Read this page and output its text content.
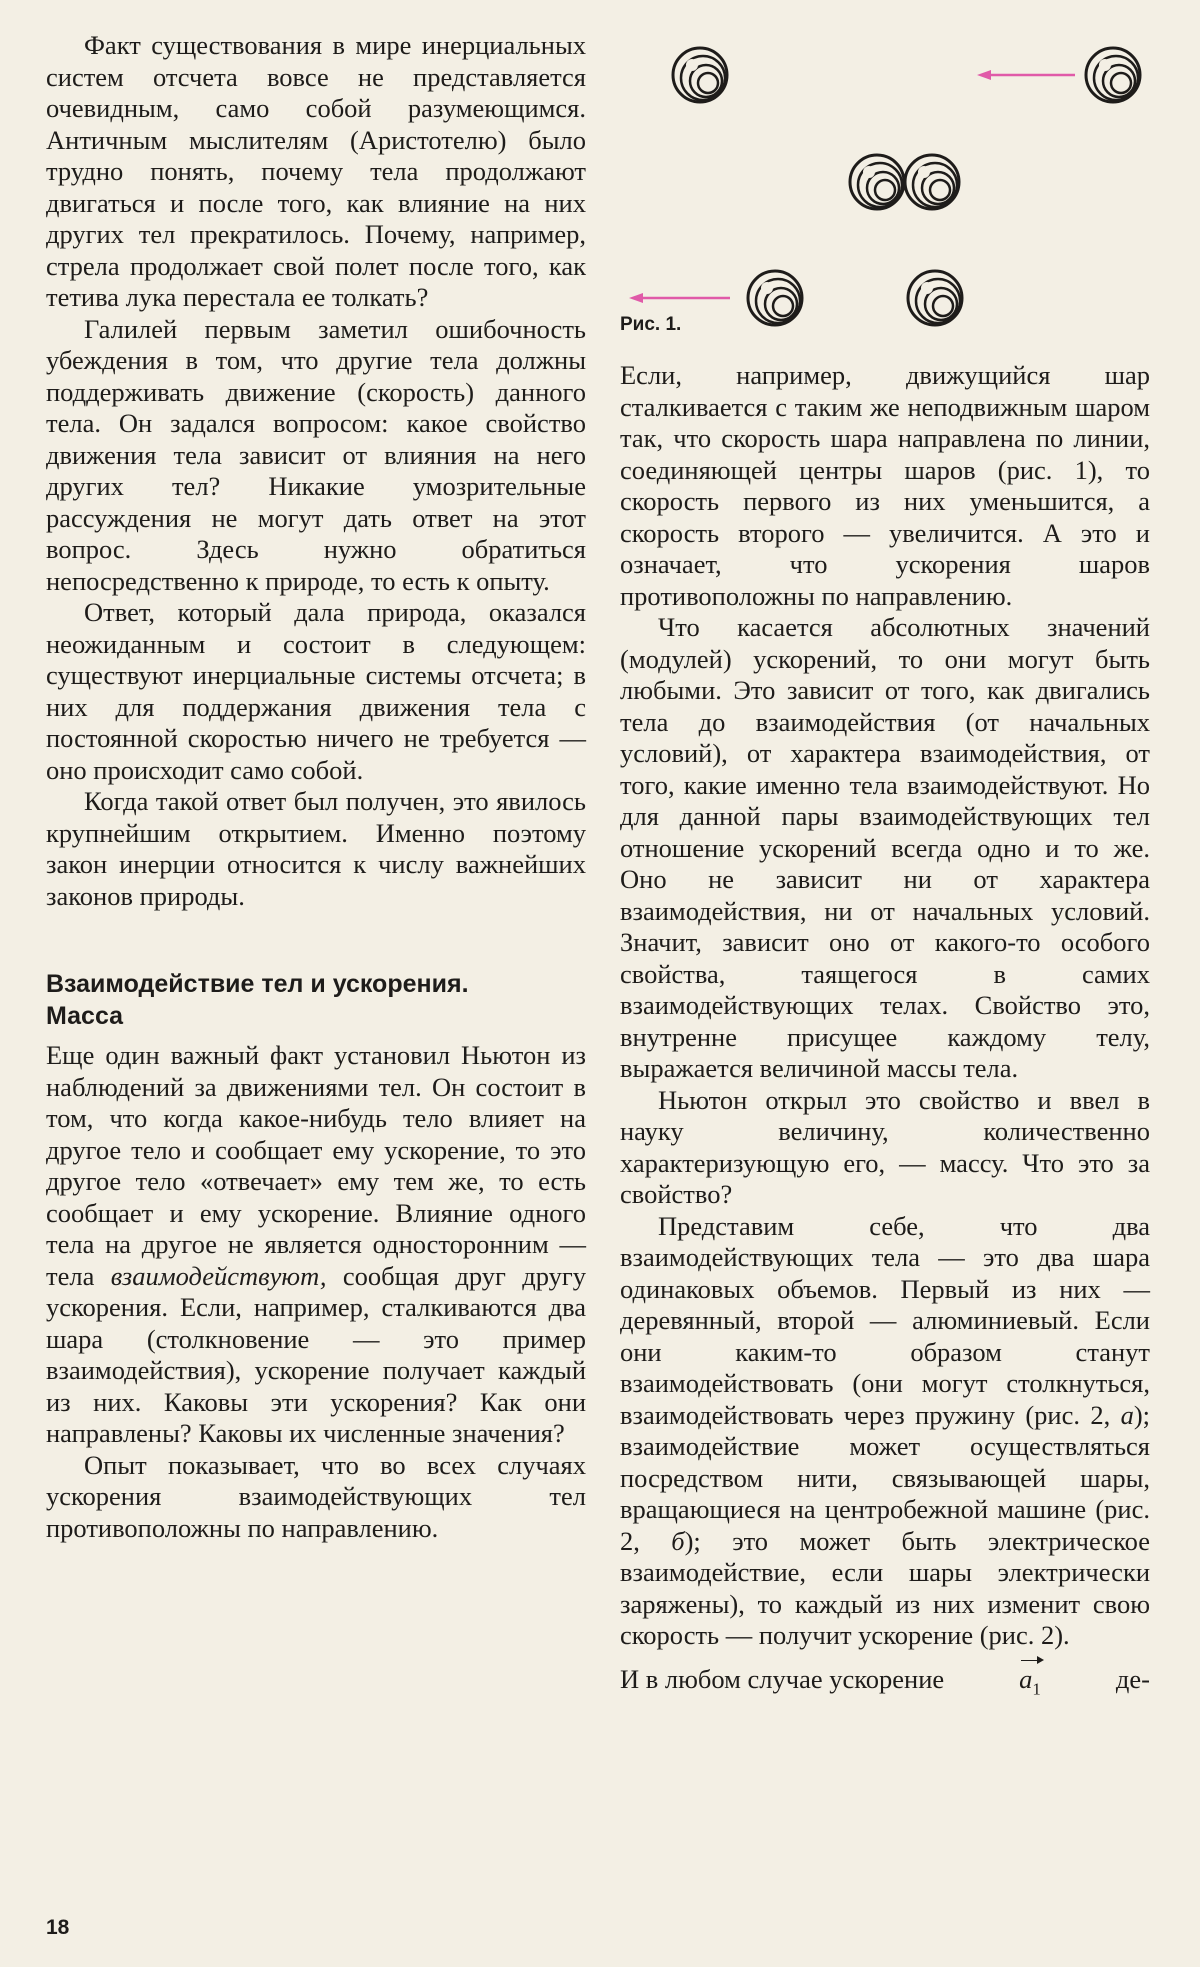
Рис. 1.

Факт существования в мире инерциальных систем отсчета вовсе не представляется очевидным, само собой разумеющимся. Античным мыслителям (Аристотелю) было трудно понять, почему тела продолжают двигаться и после того, как влияние на них других тел прекратилось. Почему, например, стрела продолжает свой полет после того, как тетива лука перестала ее толкать?

Галилей первым заметил ошибочность убеждения в том, что другие тела должны поддерживать движение (скорость) данного тела. Он задался вопросом: какое свойство движения тела зависит от влияния на него других тел? Никакие умозрительные рассуждения не могут дать ответ на этот вопрос. Здесь нужно обратиться непосредственно к природе, то есть к опыту.

Ответ, который дала природа, оказался неожиданным и состоит в следующем: существуют инерциальные системы отсчета; в них для поддержания движения тела с постоянной скоростью ничего не требуется — оно происходит само собой.

Когда такой ответ был получен, это явилось крупнейшим открытием. Именно поэтому закон инерции относится к числу важнейших законов природы.

Взаимодействие тел и ускорения.
Масса

Еще один важный факт установил Ньютон из наблюдений за движениями тел. Он состоит в том, что когда какое-нибудь тело влияет на другое тело и сообщает ему ускорение, то это другое тело «отвечает» ему тем же, то есть сообщает и ему ускорение. Влияние одного тела на другое не является односторонним — тела взаимодействуют, сообщая друг другу ускорения. Если, например, сталкиваются два шара (столкновение — это пример взаимодействия), ускорение получает каждый из них. Каковы эти ускорения? Как они направлены? Каковы их численные значения?

Опыт показывает, что во всех случаях ускорения взаимодействующих тел противоположны по направлению.

Если, например, движущийся шар сталкивается с таким же неподвижным шаром так, что скорость шара направлена по линии, соединяющей центры шаров (рис. 1), то скорость первого из них уменьшится, а скорость второго — увеличится. А это и означает, что ускорения шаров противоположны по направлению.

Что касается абсолютных значений (модулей) ускорений, то они могут быть любыми. Это зависит от того, как двигались тела до взаимодействия (от начальных условий), от характера взаимодействия, от того, какие именно тела взаимодействуют. Но для данной пары взаимодействующих тел отношение ускорений всегда одно и то же. Оно не зависит ни от характера взаимодействия, ни от начальных условий. Значит, зависит оно от какого-то особого свойства, таящегося в самих взаимодействующих телах. Свойство это, внутренне присущее каждому телу, выражается величиной массы тела.

Ньютон открыл это свойство и ввел в науку величину, количественно характеризующую его, — массу. Что это за свойство?

Представим себе, что два взаимодействующих тела — это два шара одинаковых объемов. Первый из них — деревянный, второй — алюминиевый. Если они каким-то образом станут взаимодействовать (они могут столкнуться, взаимодействовать через пружину (рис. 2, а); взаимодействие может осуществляться посредством нити, связывающей шары, вращающиеся на центробежной машине (рис. 2, б); это может быть электрическое взаимодействие, если шары электрически заряжены), то каждый из них изменит свою скорость — получит ускорение (рис. 2).

И в любом случае ускорение	$a_1$	де-
18
